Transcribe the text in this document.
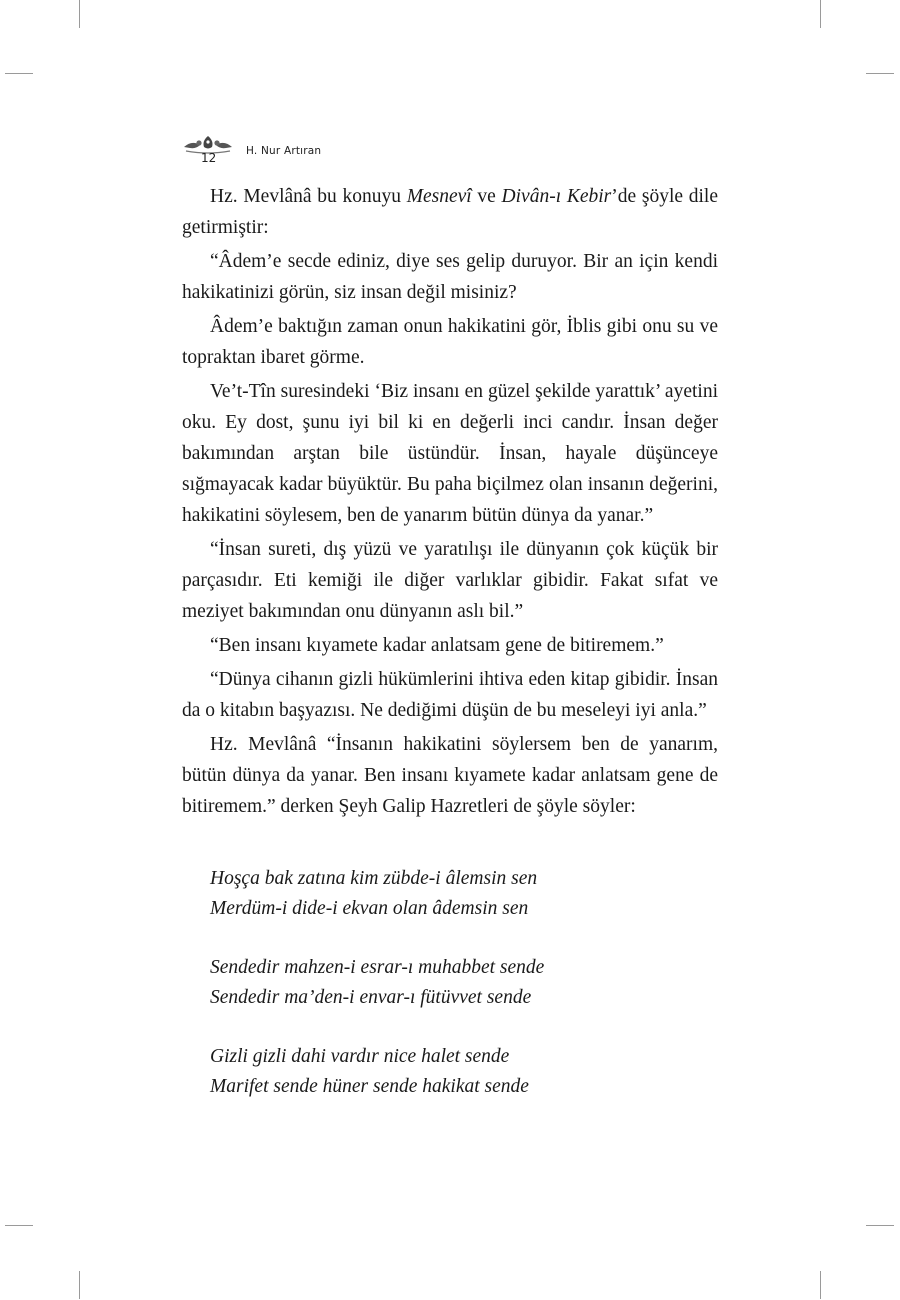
12	H. Nur Artıran

Hz. Mevlânâ bu konuyu Mesnevî ve Divân-ı Kebir’de şöyle dile getirmiştir:

“Âdem’e secde ediniz, diye ses gelip duruyor. Bir an için kendi hakikatinizi görün, siz insan değil misiniz?

Âdem’e baktığın zaman onun hakikatini gör, İblis gibi onu su ve topraktan ibaret görme.

Ve’t-Tîn suresindeki ‘Biz insanı en güzel şekilde yarattık’ ayetini oku. Ey dost, şunu iyi bil ki en değerli inci candır. İnsan değer bakımından arştan bile üstündür. İnsan, hayale düşünceye sığmayacak kadar büyüktür. Bu paha biçilmez olan insanın değerini, hakikatini söylesem, ben de yanarım bütün dünya da yanar.”

“İnsan sureti, dış yüzü ve yaratılışı ile dünyanın çok küçük bir parçasıdır. Eti kemiği ile diğer varlıklar gibidir. Fakat sıfat ve meziyet bakımından onu dünyanın aslı bil.”

“Ben insanı kıyamete kadar anlatsam gene de bitiremem.”

“Dünya cihanın gizli hükümlerini ihtiva eden kitap gibidir. İnsan da o kitabın başyazısı. Ne dediğimi düşün de bu meseleyi iyi anla.”

Hz. Mevlânâ “İnsanın hakikatini söylersem ben de yanarım, bütün dünya da yanar. Ben insanı kıyamete kadar anlatsam gene de bitiremem.” derken Şeyh Galip Hazretleri de şöyle söyler:

Hoşça bak zatına kim zübde-i âlemsin sen
Merdüm-i dide-i ekvan olan âdemsin sen
Sendedir mahzen-i esrar-ı muhabbet sende
Sendedir ma’den-i envar-ı fütüvvet sende
Gizli gizli dahi vardır nice halet sende
Marifet sende hüner sende hakikat sende
